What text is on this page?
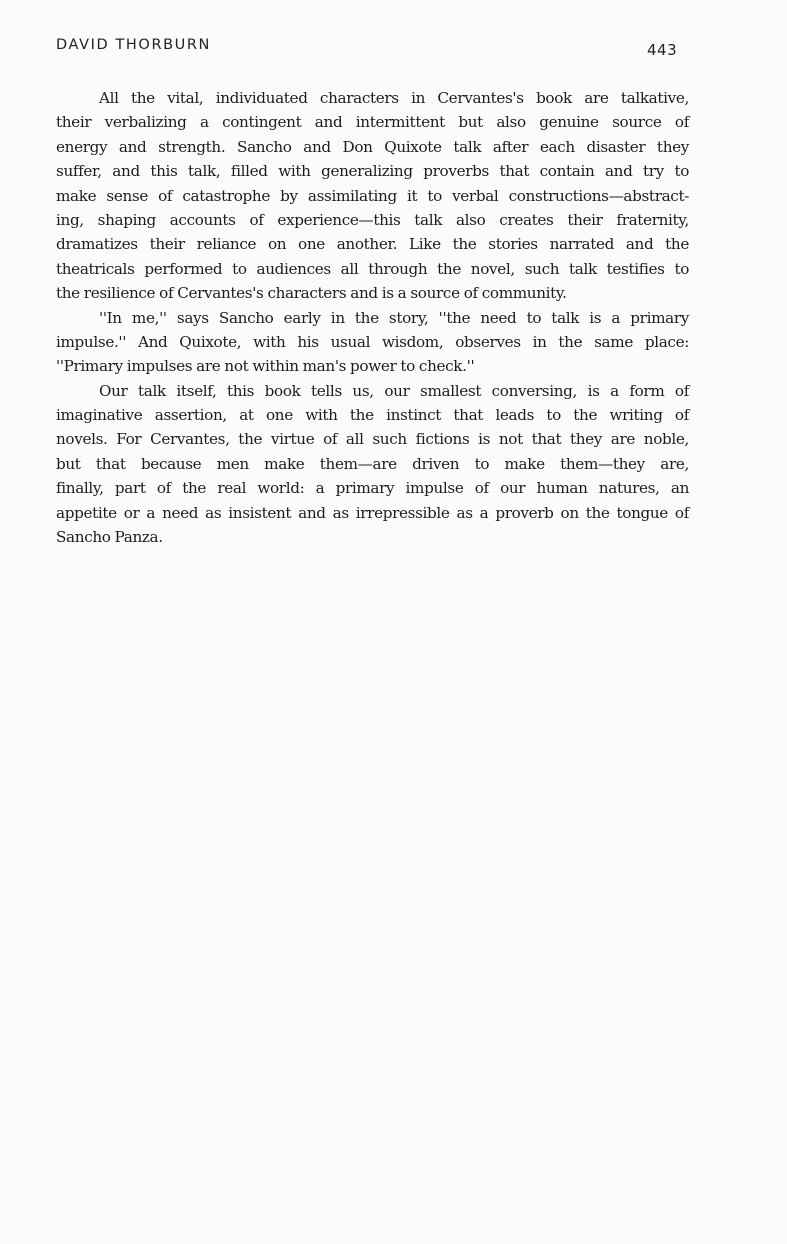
DAVID THORBURN	443
All the vital, individuated characters in Cervantes's book are talkative,
their verbalizing a contingent and intermittent but also genuine source of
energy and strength. Sancho and Don Quixote talk after each disaster they
suffer, and this talk, filled with generalizing proverbs that contain and try to
make sense of catastrophe by assimilating it to verbal constructions—abstract-
ing, shaping accounts of experience—this talk also creates their fraternity,
dramatizes their reliance on one another. Like the stories narrated and the
theatricals performed to audiences all through the novel, such talk testifies to
the resilience of Cervantes's characters and is a source of community.
''In me,'' says Sancho early in the story, ''the need to talk is a primary
impulse.'' And Quixote, with his usual wisdom, observes in the same place:
''Primary impulses are not within man's power to check.''
Our talk itself, this book tells us, our smallest conversing, is a form of
imaginative assertion, at one with the instinct that leads to the writing of
novels. For Cervantes, the virtue of all such fictions is not that they are noble,
but that because men make them—are driven to make them—they are,
finally, part of the real world: a primary impulse of our human natures, an
appetite or a need as insistent and as irrepressible as a proverb on the tongue of
Sancho Panza.
